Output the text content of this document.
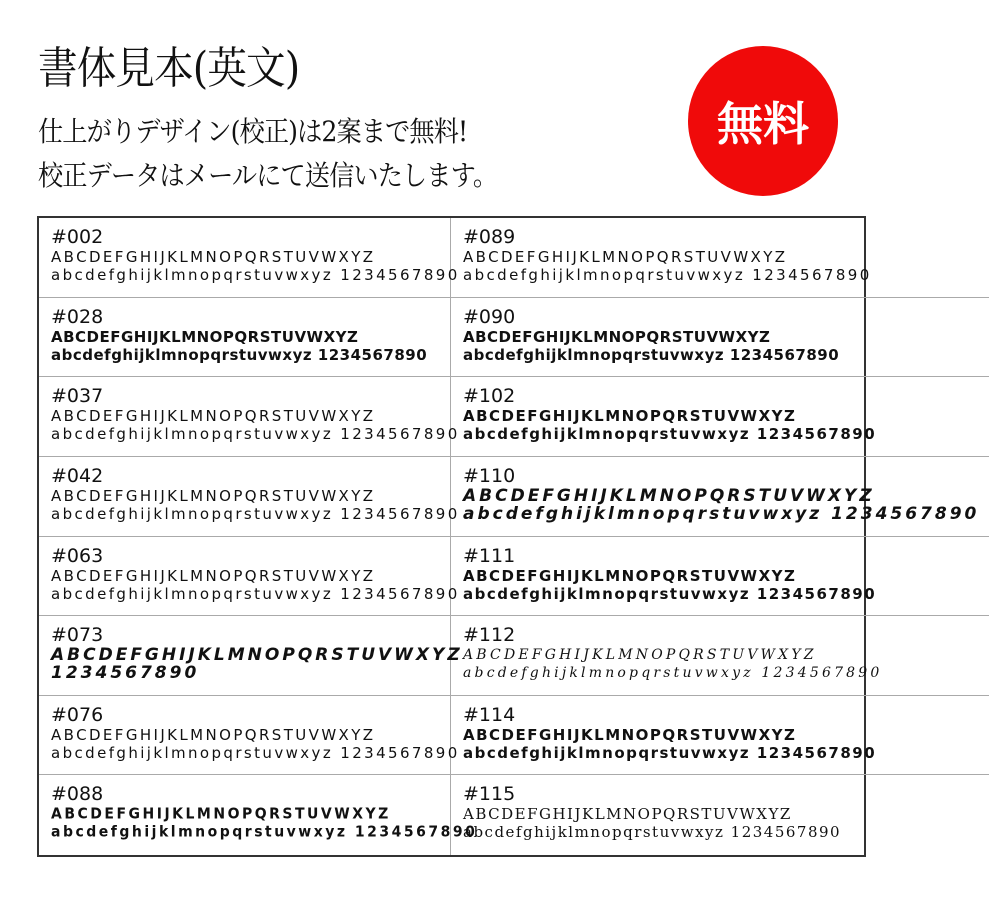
書体見本(英文)
仕上がりデザイン(校正)は2案まで無料!
校正データはメールにて送信いたします。
無料
#002
ABCDEFGHIJKLMNOPQRSTUVWXYZ
abcdefghijklmnopqrstuvwxyz 1234567890
#089
ABCDEFGHIJKLMNOPQRSTUVWXYZ
abcdefghijklmnopqrstuvwxyz 1234567890
#028
ABCDEFGHIJKLMNOPQRSTUVWXYZ
abcdefghijklmnopqrstuvwxyz 1234567890
#090
ABCDEFGHIJKLMNOPQRSTUVWXYZ
abcdefghijklmnopqrstuvwxyz 1234567890
#037
ABCDEFGHIJKLMNOPQRSTUVWXYZ
abcdefghijklmnopqrstuvwxyz 1234567890
#102
ABCDEFGHIJKLMNOPQRSTUVWXYZ
abcdefghijklmnopqrstuvwxyz 1234567890
#042
ABCDEFGHIJKLMNOPQRSTUVWXYZ
abcdefghijklmnopqrstuvwxyz 1234567890
#110
ABCDEFGHIJKLMNOPQRSTUVWXYZ
abcdefghijklmnopqrstuvwxyz 1234567890
#063
ABCDEFGHIJKLMNOPQRSTUVWXYZ
abcdefghijklmnopqrstuvwxyz 1234567890
#111
ABCDEFGHIJKLMNOPQRSTUVWXYZ
abcdefghijklmnopqrstuvwxyz 1234567890
#073
ABCDEFGHIJKLMNOPQRSTUVWXYZ
1234567890
#112
ABCDEFGHIJKLMNOPQRSTUVWXYZ
abcdefghijklmnopqrstuvwxyz 1234567890
#076
ABCDEFGHIJKLMNOPQRSTUVWXYZ
abcdefghijklmnopqrstuvwxyz 1234567890
#114
ABCDEFGHIJKLMNOPQRSTUVWXYZ
abcdefghijklmnopqrstuvwxyz 1234567890
#088
ABCDEFGHIJKLMNOPQRSTUVWXYZ
abcdefghijklmnopqrstuvwxyz 1234567890
#115
ABCDEFGHIJKLMNOPQRSTUVWXYZ
abcdefghijklmnopqrstuvwxyz 1234567890
